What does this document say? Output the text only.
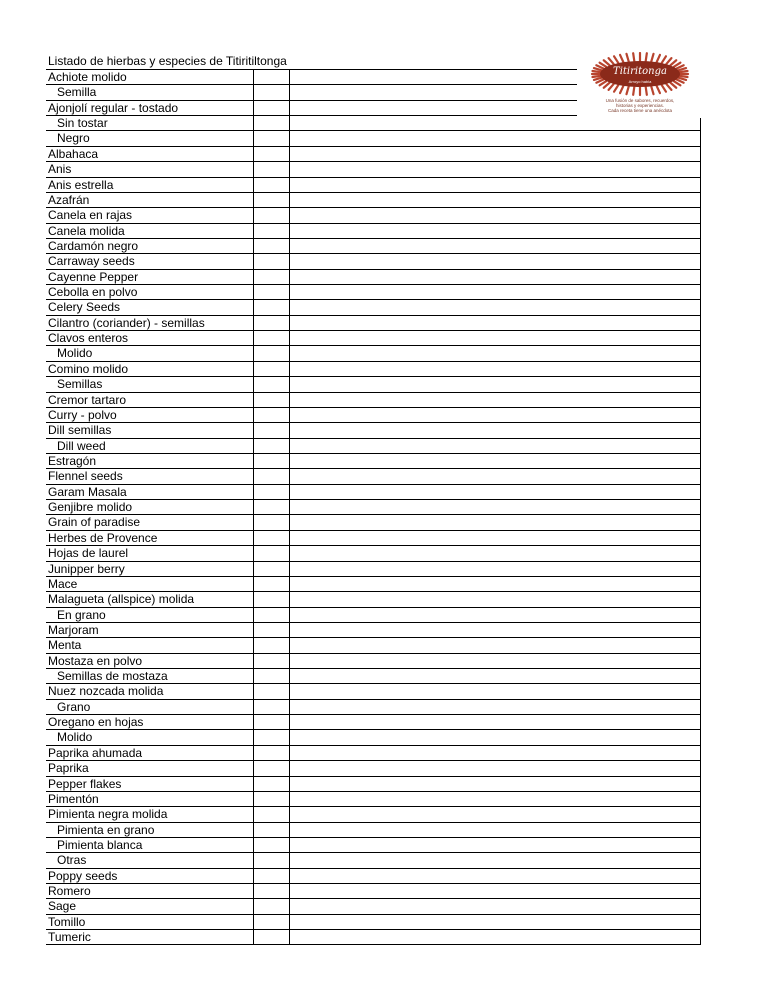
Listado de hierbas y especies de Titiritiltonga
Achiote molido
Semilla
Ajonjolí regular - tostado
Sin tostar
Negro
Albahaca
Anis
Anis estrella
Azafrán
Canela en rajas
Canela molida
Cardamón negro
Carraway seeds
Cayenne Pepper
Cebolla en polvo
Celery Seeds
Cilantro (coriander) - semillas
Clavos enteros
Molido
Comino molido
Semillas
Cremor tartaro
Curry - polvo
Dill semillas
Dill weed
Estragón
Flennel seeds
Garam Masala
Genjibre molido
Grain of paradise
Herbes de Provence
Hojas de laurel
Junipper berry
Mace
Malagueta (allspice) molida
En grano
Marjoram
Menta
Mostaza en polvo
Semillas de mostaza
Nuez nozcada molida
Grano
Oregano en hojas
Molido
Paprika ahumada
Paprika
Pepper flakes
Pimentón
Pimienta negra molida
Pimienta en grano
Pimienta blanca
Otras
Poppy seeds
Romero
Sage
Tomillo
Tumeric
Titiritonga
Arroyo habla
Una fusión de sabores, recuerdos,
historias y experiencias.
Cada receta tiene una anécdota
